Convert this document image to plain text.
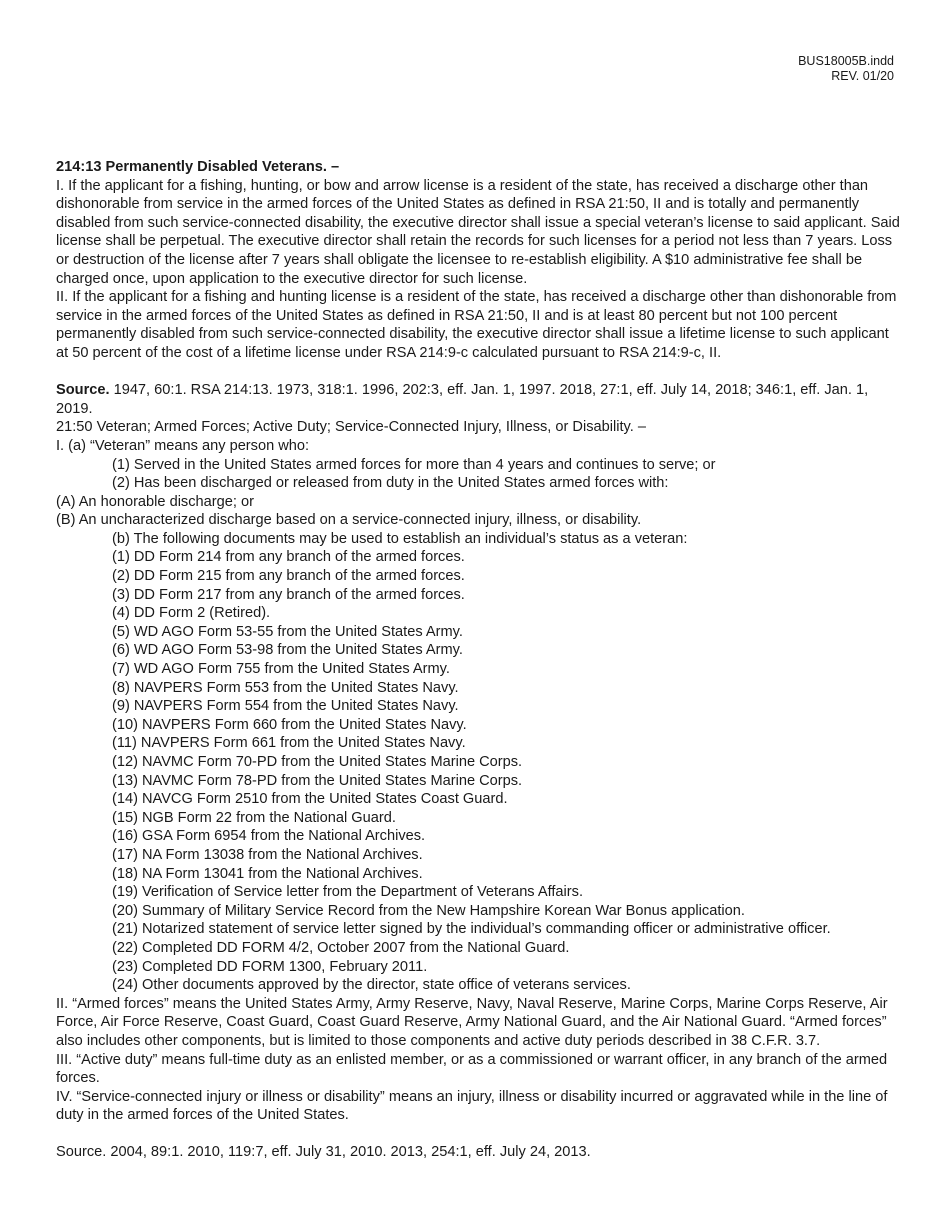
BUS18005B.indd
REV. 01/20

214:13 Permanently Disabled Veterans. –

I. If the applicant for a fishing, hunting, or bow and arrow license is a resident of the state, has received a discharge other than dishonorable from service in the armed forces of the United States as defined in RSA 21:50, II and is totally and permanently disabled from such service-connected disability, the executive director shall issue a special veteran’s license to said applicant. Said license shall be perpetual. The executive director shall retain the records for such licenses for a period not less than 7 years. Loss or destruction of the license after 7 years shall obligate the licensee to re-establish eligibility. A $10 administrative fee shall be charged once, upon application to the executive director for such license.

II. If the applicant for a fishing and hunting license is a resident of the state, has received a discharge other than dishonorable from service in the armed forces of the United States as defined in RSA 21:50, II and is at least 80 percent but not 100 percent permanently disabled from such service-connected disability, the executive director shall issue a lifetime license to such applicant at 50 percent of the cost of a lifetime license under RSA 214:9-c calculated pursuant to RSA 214:9-c, II.

Source. 1947, 60:1. RSA 214:13. 1973, 318:1. 1996, 202:3, eff. Jan. 1, 1997. 2018, 27:1, eff. July 14, 2018; 346:1, eff. Jan. 1, 2019.

21:50 Veteran; Armed Forces; Active Duty; Service-Connected Injury, Illness, or Disability. –

I. (a) “Veteran” means any person who:

(1) Served in the United States armed forces for more than 4 years and continues to serve; or

(2) Has been discharged or released from duty in the United States armed forces with:

(A) An honorable discharge; or

(B) An uncharacterized discharge based on a service-connected injury, illness, or disability.

(b) The following documents may be used to establish an individual’s status as a veteran:

(1) DD Form 214 from any branch of the armed forces.

(2) DD Form 215 from any branch of the armed forces.

(3) DD Form 217 from any branch of the armed forces.

(4) DD Form 2 (Retired).

(5) WD AGO Form 53-55 from the United States Army.

(6) WD AGO Form 53-98 from the United States Army.

(7) WD AGO Form 755 from the United States Army.

(8) NAVPERS Form 553 from the United States Navy.

(9) NAVPERS Form 554 from the United States Navy.

(10) NAVPERS Form 660 from the United States Navy.

(11) NAVPERS Form 661 from the United States Navy.

(12) NAVMC Form 70-PD from the United States Marine Corps.

(13) NAVMC Form 78-PD from the United States Marine Corps.

(14) NAVCG Form 2510 from the United States Coast Guard.

(15) NGB Form 22 from the National Guard.

(16) GSA Form 6954 from the National Archives.

(17) NA Form 13038 from the National Archives.

(18) NA Form 13041 from the National Archives.

(19) Verification of Service letter from the Department of Veterans Affairs.

(20) Summary of Military Service Record from the New Hampshire Korean War Bonus application.

(21) Notarized statement of service letter signed by the individual’s commanding officer or administrative officer.

(22) Completed DD FORM 4/2, October 2007 from the National Guard.

(23) Completed DD FORM 1300, February 2011.

(24) Other documents approved by the director, state office of veterans services.

II. “Armed forces” means the United States Army, Army Reserve, Navy, Naval Reserve, Marine Corps, Marine Corps Reserve, Air Force, Air Force Reserve, Coast Guard, Coast Guard Reserve, Army National Guard, and the Air National Guard. “Armed forces” also includes other components, but is limited to those components and active duty periods described in 38 C.F.R. 3.7.

III. “Active duty” means full-time duty as an enlisted member, or as a commissioned or warrant officer, in any branch of the armed forces.

IV. “Service-connected injury or illness or disability” means an injury, illness or disability incurred or aggravated while in the line of duty in the armed forces of the United States.

Source. 2004, 89:1. 2010, 119:7, eff. July 31, 2010. 2013, 254:1, eff. July 24, 2013.
